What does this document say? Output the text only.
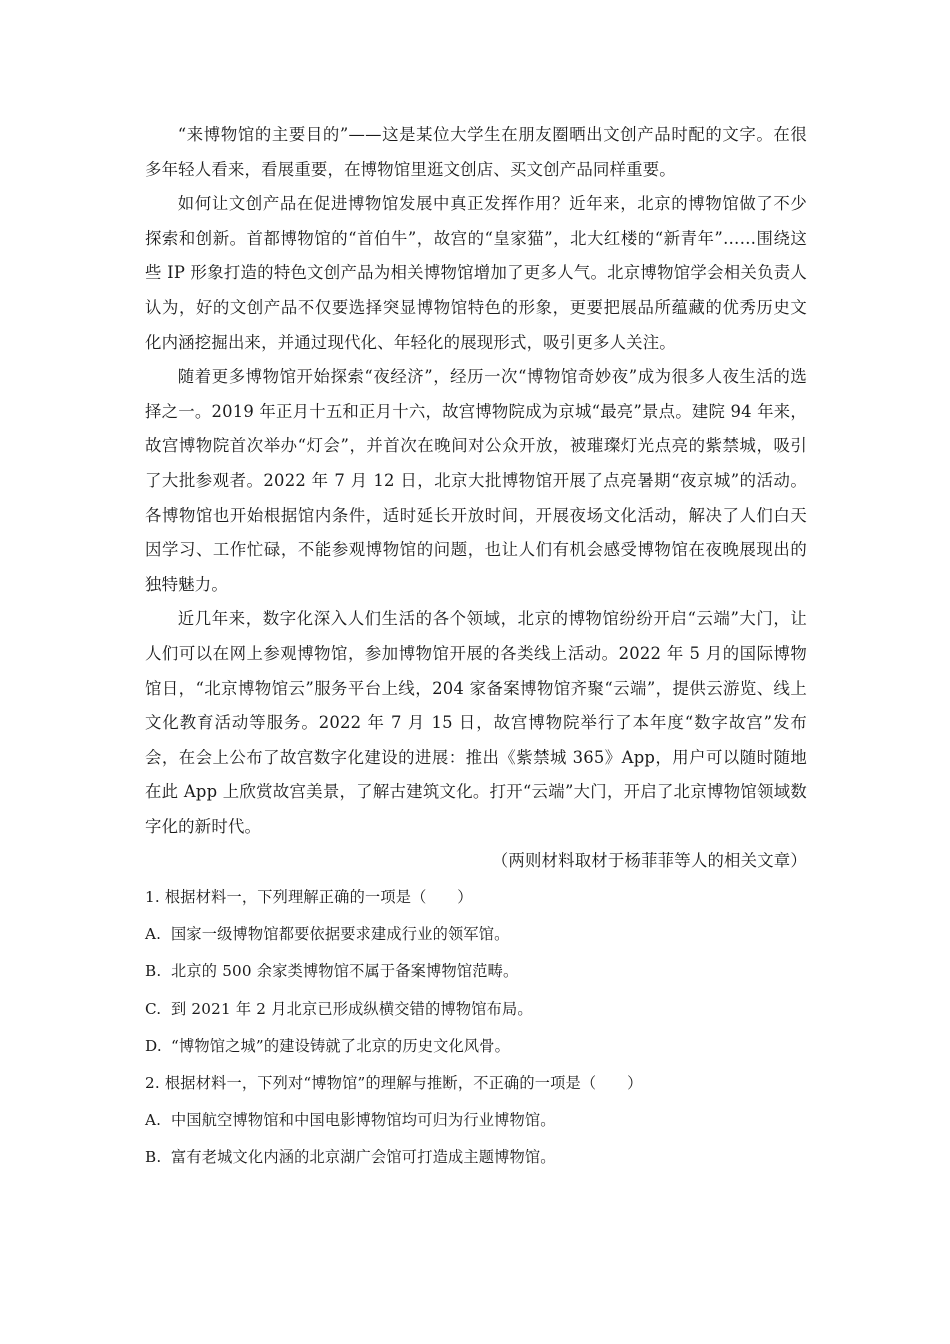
“来博物馆的主要目的”——这是某位大学生在朋友圈晒出文创产品时配的文字。在很多年轻人看来，看展重要，在博物馆里逛文创店、买文创产品同样重要。

如何让文创产品在促进博物馆发展中真正发挥作用？近年来，北京的博物馆做了不少探索和创新。首都博物馆的“首伯牛”，故宫的“皇家猫”，北大红楼的“新青年”……围绕这些 IP 形象打造的特色文创产品为相关博物馆增加了更多人气。北京博物馆学会相关负责人认为，好的文创产品不仅要选择突显博物馆特色的形象，更要把展品所蕴藏的优秀历史文化内涵挖掘出来，并通过现代化、年轻化的展现形式，吸引更多人关注。

随着更多博物馆开始探索“夜经济”，经历一次“博物馆奇妙夜”成为很多人夜生活的选择之一。2019 年正月十五和正月十六，故宫博物院成为京城“最亮”景点。建院 94 年来，故宫博物院首次举办“灯会”，并首次在晚间对公众开放，被璀璨灯光点亮的紫禁城，吸引了大批参观者。2022 年 7 月 12 日，北京大批博物馆开展了点亮暑期“夜京城”的活动。各博物馆也开始根据馆内条件，适时延长开放时间，开展夜场文化活动，解决了人们白天因学习、工作忙碌，不能参观博物馆的问题，也让人们有机会感受博物馆在夜晚展现出的独特魅力。

近几年来，数字化深入人们生活的各个领域，北京的博物馆纷纷开启“云端”大门，让人们可以在网上参观博物馆，参加博物馆开展的各类线上活动。2022 年 5 月的国际博物馆日，“北京博物馆云”服务平台上线，204 家备案博物馆齐聚“云端”，提供云游览、线上文化教育活动等服务。2022 年 7 月 15 日，故宫博物院举行了本年度“数字故宫”发布会，在会上公布了故宫数字化建设的进展：推出《紫禁城 365》App，用户可以随时随地在此 App 上欣赏故宫美景，了解古建筑文化。打开“云端”大门，开启了北京博物馆领域数字化的新时代。

（两则材料取材于杨菲菲等人的相关文章）

1. 根据材料一，下列理解正确的一项是（　　）

A. 国家一级博物馆都要依据要求建成行业的领军馆。

B. 北京的 500 余家类博物馆不属于备案博物馆范畴。

C. 到 2021 年 2 月北京已形成纵横交错的博物馆布局。

D. “博物馆之城”的建设铸就了北京的历史文化风骨。

2. 根据材料一，下列对“博物馆”的理解与推断，不正确的一项是（　　）

A. 中国航空博物馆和中国电影博物馆均可归为行业博物馆。

B. 富有老城文化内涵的北京湖广会馆可打造成主题博物馆。
